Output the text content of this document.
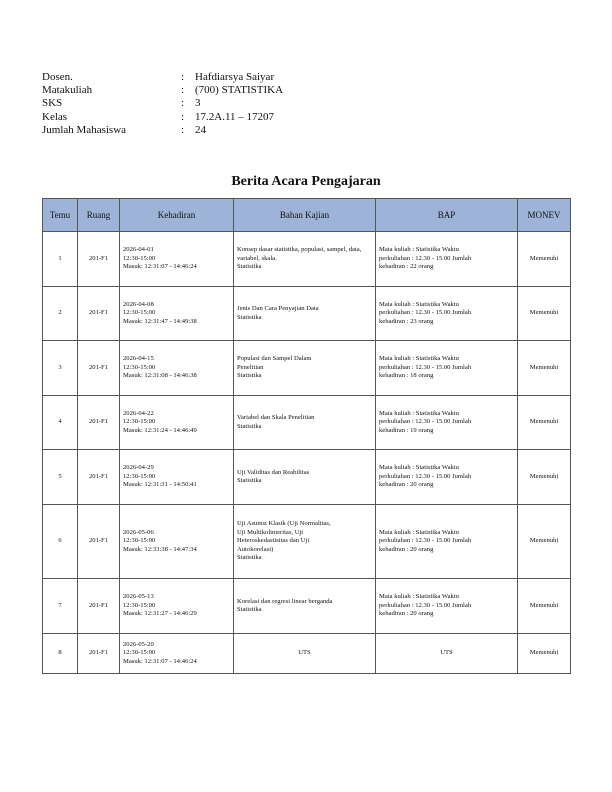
Dosen.	: Hafdiarsya Saiyar
Matakuliah	: (700) STATISTIKA
SKS	: 3
Kelas	: 17.2A.11 – 17207
Jumlah Mahasiswa	: 24
Berita Acara Pengajaran
Temu	Ruang	Kehadiran	Bahan Kajian	BAP	MONEV
1	201-F1	2026-04-01
12:30-15:00
Masuk: 12:31:07 - 14:46:24	Konsep dasar statistika, populasi, sampel, data, variabel, skala.
Statistika	Mata kuliah : Statistika Waktu
perkuliahan : 12.30 - 15.00 Jumlah
kehadiran : 22 orang	Memenuhi
2	201-F1	2026-04-08
12:30-15:00
Masuk: 12:31:47 - 14:49:38	Jenis Dan Cara Penyajian Data
Statistika	Mata kuliah : Statistika Waktu
perkuliahan : 12.30 - 15.00 Jumlah
kehadiran : 23 orang	Memenuhi
3	201-F1	2026-04-15
12:30-15:00
Masuk: 12:31:08 - 14:46:38	Populasi dan Sampel Dalam
Penelitian
Statistika	Mata kuliah : Statistika Waktu
perkuliahan : 12.30 - 15.00 Jumlah
kehadiran : 18 orang	Memenuhi
4	201-F1	2026-04-22
12:30-15:00
Masuk: 12:31:24 - 14:46:49	Variabel dan Skala Penelitian
Statistika	Mata kuliah : Statistika Waktu
perkuliahan : 12.30 - 15.00 Jumlah
kehadiran : 19 orang	Memenuhi
5	201-F1	2026-04-29
12:30-15:00
Masuk: 12:31:31 - 14:50:41	Uji Validitas dan Reabilitas
Statistika	Mata kuliah : Statistika Waktu
perkuliahan : 12.30 - 15.00 Jumlah
kehadiran : 20 orang	Memenuhi
6	201-F1	2026-05-06
12:30-15:00
Masuk: 12:33:38 - 14:47:34	Uji Asumsi Klasik (Uji Normalitas,
Uji Multikolinieritas, Uji
Heteroskedastisitas dan Uji
Autokorelasi)
Statistika	Mata kuliah : Statistika Waktu
perkuliahan : 12.30 - 15.00 Jumlah
kehadiran : 20 orang	Memenuhi
7	201-F1	2026-05-13
12:30-15:00
Masuk: 12:31:27 - 14:46:29	Korelasi dan regresi linear berganda
Statistika	Mata kuliah : Statistika Waktu
perkuliahan : 12.30 - 15.00 Jumlah
kehadiran : 20 orang	Memenuhi
8	201-F1	2026-05-20
12:30-15:00
Masuk: 12:31:07 - 14:46:24	UTS	UTS	Memenuhi
